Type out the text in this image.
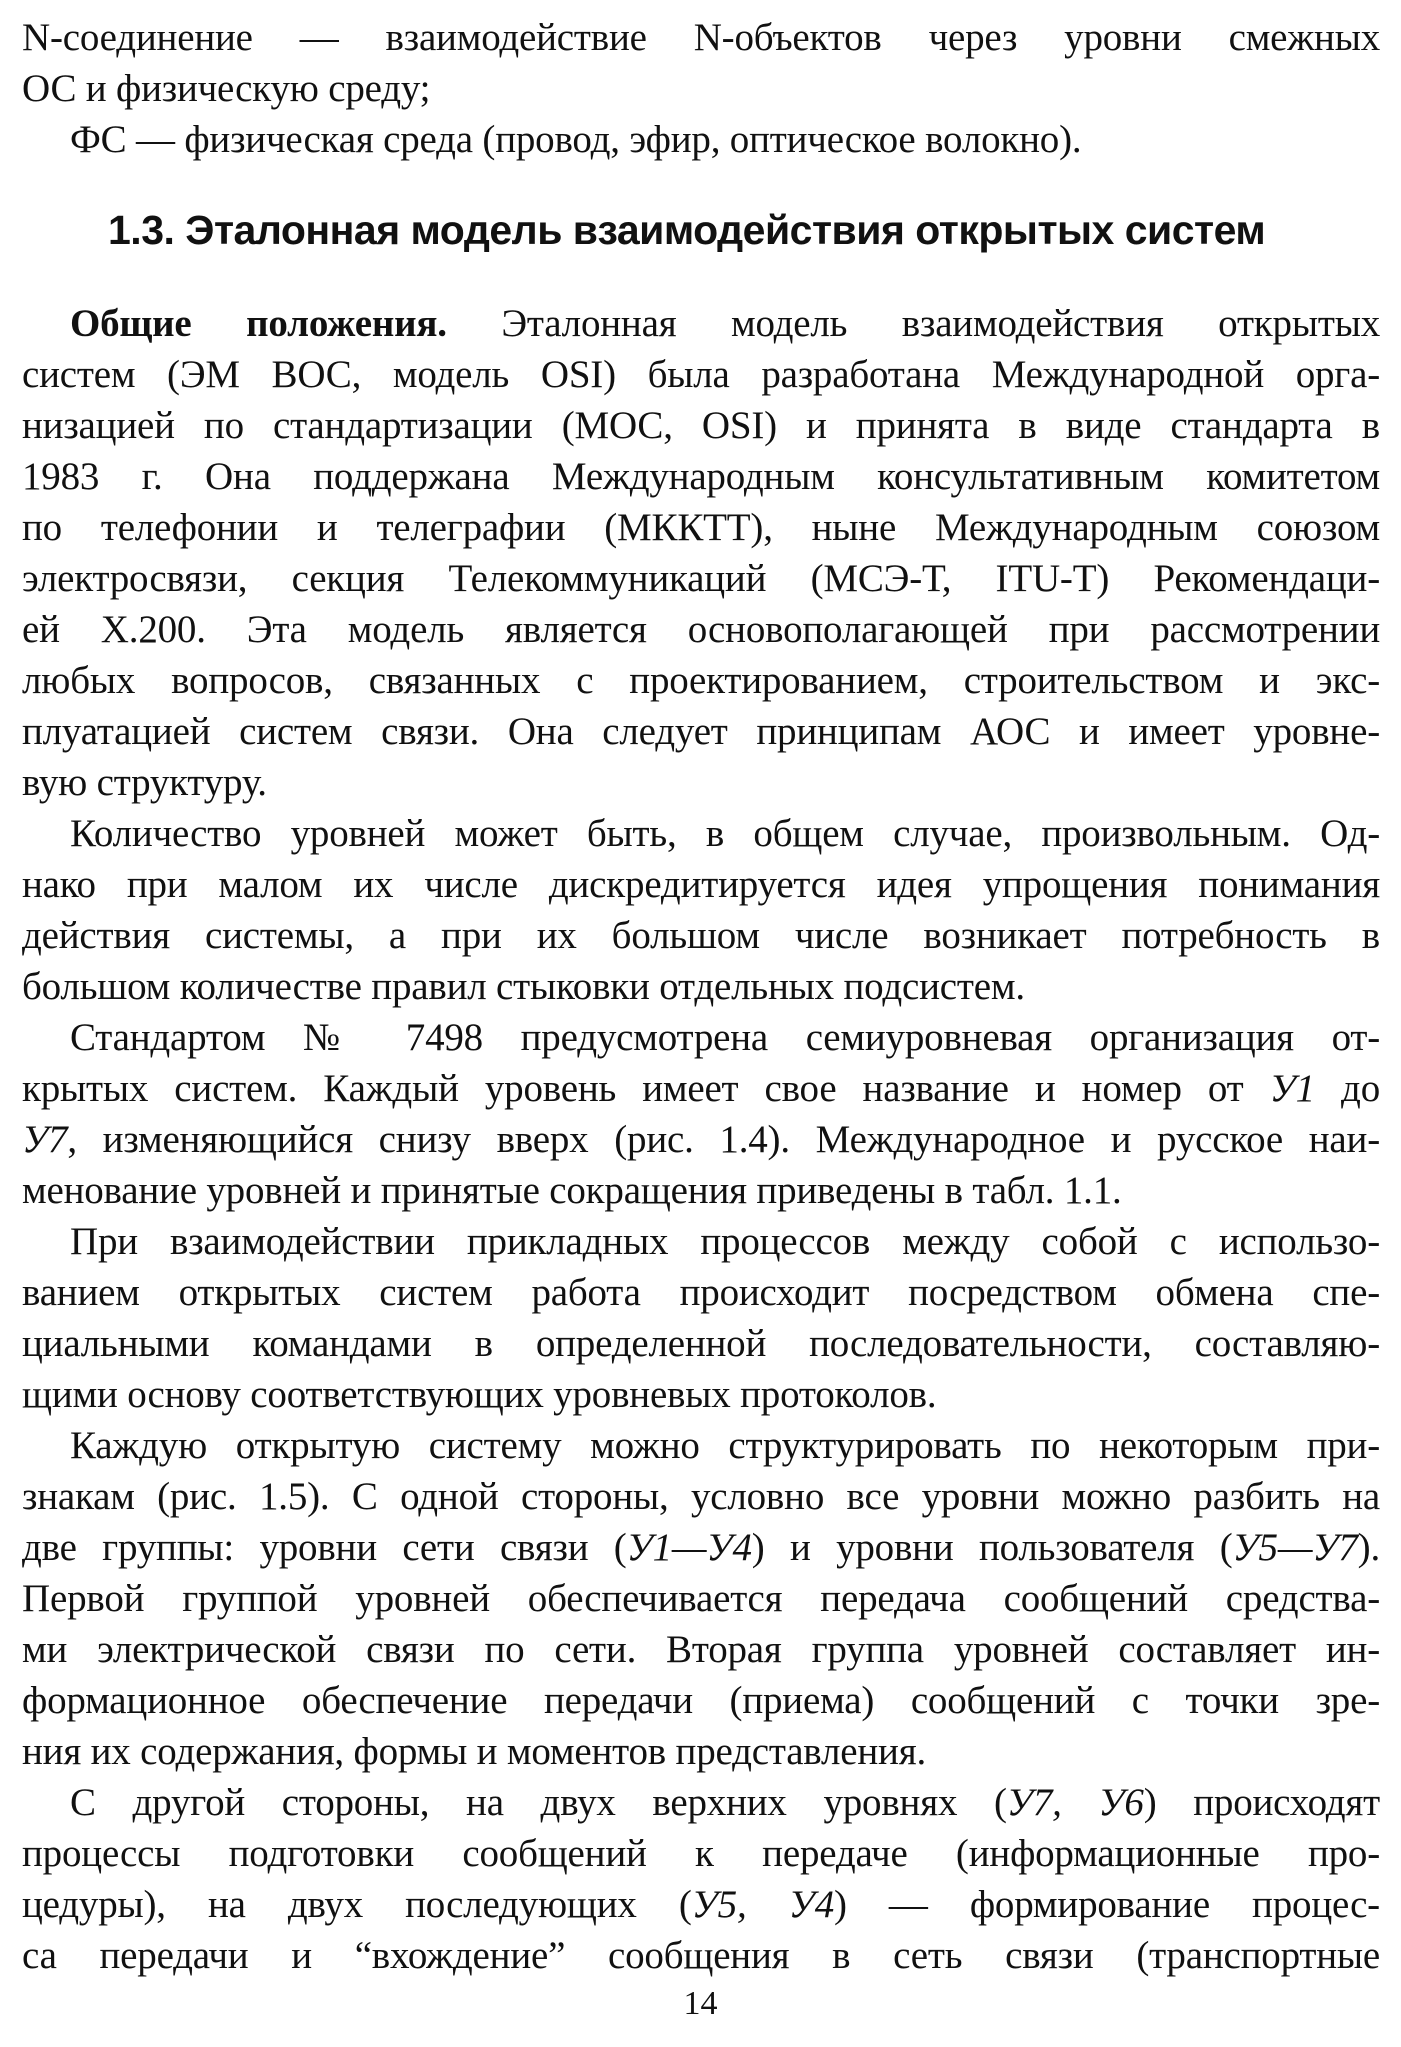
N-соединение — взаимодействие N-объектов через уровни смежных
ОС и физическую среду;
ФС — физическая среда (провод, эфир, оптическое волокно).
1.3. Эталонная модель взаимодействия открытых систем
Общие положения. Эталонная модель взаимодействия открытых
систем (ЭМ ВОС, модель OSI) была разработана Международной орга-
низацией по стандартизации (МОС, OSI) и принята в виде стандарта в
1983 г. Она поддержана Международным консультативным комитетом
по телефонии и телеграфии (МККТТ), ныне Международным союзом
электросвязи, секция Телекоммуникаций (МСЭ-Т, ITU-T) Рекомендаци-
ей Х.200. Эта модель является основополагающей при рассмотрении
любых вопросов, связанных с проектированием, строительством и экс-
плуатацией систем связи. Она следует принципам АОС и имеет уровне-
вую структуру.
Количество уровней может быть, в общем случае, произвольным. Од-
нако при малом их числе дискредитируется идея упрощения понимания
действия системы, а при их большом числе возникает потребность в
большом количестве правил стыковки отдельных подсистем.
Стандартом № 7498 предусмотрена семиуровневая организация от-
крытых систем. Каждый уровень имеет свое название и номер от У1 до
У7, изменяющийся снизу вверх (рис. 1.4). Международное и русское наи-
менование уровней и принятые сокращения приведены в табл. 1.1.
При взаимодействии прикладных процессов между собой с использо-
ванием открытых систем работа происходит посредством обмена спе-
циальными командами в определенной последовательности, составляю-
щими основу соответствующих уровневых протоколов.
Каждую открытую систему можно структурировать по некоторым при-
знакам (рис. 1.5). С одной стороны, условно все уровни можно разбить на
две группы: уровни сети связи (У1—У4) и уровни пользователя (У5—У7).
Первой группой уровней обеспечивается передача сообщений средства-
ми электрической связи по сети. Вторая группа уровней составляет ин-
формационное обеспечение передачи (приема) сообщений с точки зре-
ния их содержания, формы и моментов представления.
С другой стороны, на двух верхних уровнях (У7, У6) происходят
процессы подготовки сообщений к передаче (информационные про-
цедуры), на двух последующих (У5, У4) — формирование процес-
са передачи и “вхождение” сообщения в сеть связи (транспортные
14
